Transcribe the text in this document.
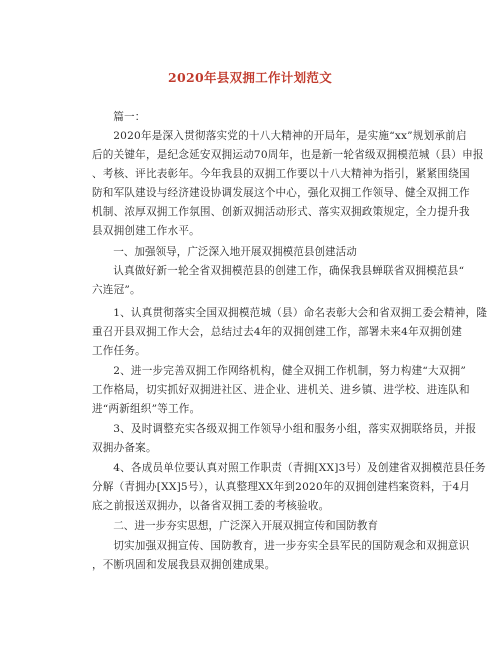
2020年县双拥工作计划范文
篇一：
2020年是深入贯彻落实党的十八大精神的开局年，是实施“xx”规划承前启
后的关键年，是纪念延安双拥运动70周年，也是新一轮省级双拥模范城（县）申报
、考核、评比表彰年。今年我县的双拥工作要以十八大精神为指引，紧紧围绕国
防和军队建设与经济建设协调发展这个中心，强化双拥工作领导、健全双拥工作
机制、浓厚双拥工作氛围、创新双拥活动形式、落实双拥政策规定，全力提升我
县双拥创建工作水平。
一、加强领导，广泛深入地开展双拥模范县创建活动
认真做好新一轮全省双拥模范县的创建工作，确保我县蝉联省双拥模范县“
六连冠”。
1、认真贯彻落实全国双拥模范城（县）命名表彰大会和省双拥工委会精神，隆
重召开县双拥工作大会，总结过去4年的双拥创建工作，部署未来4年双拥创建
工作任务。
2、进一步完善双拥工作网络机构，健全双拥工作机制，努力构建“大双拥”
工作格局，切实抓好双拥进社区、进企业、进机关、进乡镇、进学校、进连队和
进“两新组织”等工作。
3、及时调整充实各级双拥工作领导小组和服务小组，落实双拥联络员，并报
双拥办备案。
4、各成员单位要认真对照工作职责（青拥[XX]3号）及创建省双拥模范县任务
分解（青拥办[XX]5号），认真整理XX年到2020年的双拥创建档案资料，于4月
底之前报送双拥办，以备省双拥工委的考核验收。
二、进一步夯实思想，广泛深入开展双拥宣传和国防教育
切实加强双拥宣传、国防教育，进一步夯实全县军民的国防观念和双拥意识
，不断巩固和发展我县双拥创建成果。
